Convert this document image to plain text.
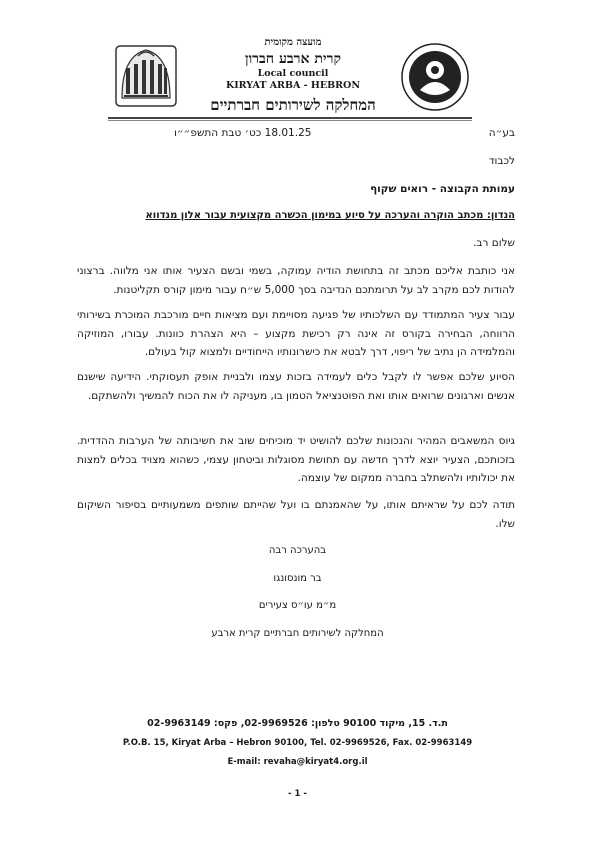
מועצה מקומית
קרית ארבע חברון
Local council
KIRYAT ARBA - HEBRON
המחלקה לשירותים חברתיים
בע״ה
18.01.25 כט׳ טבת התשפ״״ו
לכבוד
עמותת הקבוצה - רואים שקוף
הנדון: מכתב הוקרה והערכה על סיוע במימון הכשרה מקצועית עבור אלון מנדווא
שלום רב.
אני כותבת אליכם מכתב זה בתחושת הודיה עמוקה, בשמי ובשם הצעיר אותו אני מלווה. ברצוני להודות לכם מקרב לב על תרומתכם הנדיבה בסך 5,000 ש״ח עבור מימון קורס תקליטנות.
עבור צעיר המתמודד עם השלכותיו של פגיעה מסויימת ועם מציאות חיים מורכבת המוכרת בשירותי הרווחה, הבחירה בקורס זה אינה רק רכישת מקצוע – היא הצהרת כוונות. עבורו, המוזיקה והמלמידה הן נתיב של ריפוי, דרך לבטא את כישרונותיו הייחודיים ולמצוא קול בעולם.
הסיוע שלכם אפשר לו לקבל כלים לעמידה בזכות עצמו ולבניית אופק תעסוקתי. הידיעה שישנם אנשים וארגונים שרואים אותו ואת הפוטנציאל הטמון בו, מעניקה לו את הכוח להמשיך ולהשתקם.
גיוס המשאבים המהיר והנכונות שלכם להושיט יד מוכיחים שוב את חשיבותה של הערבות ההדדית. בזכותכם, הצעיר יוצא לדרך חדשה עם תחושת מסוגלות וביטחון עצמי, כשהוא מצויד בכלים למצות את יכולותיו ולהשתלב בחברה ממקום של עוצמה.
תודה לכם על שראיתם אותו, על שהאמנתם בו ועל שהייתם שותפים משמעותיים בסיפור השיקום שלו.
בהערכה רבה
בר מונסונגו
מ״מ עו״ס צעירים
המחלקה לשירותים חברתיים קרית ארבע
ת.ד. 15, מיקוד 90100 טלפון: 02-9969526, פקס: 02-9963149
P.O.B. 15, Kiryat Arba – Hebron 90100, Tel. 02-9969526, Fax. 02-9963149
E-mail: revaha@kiryat4.org.il
- 1 -
